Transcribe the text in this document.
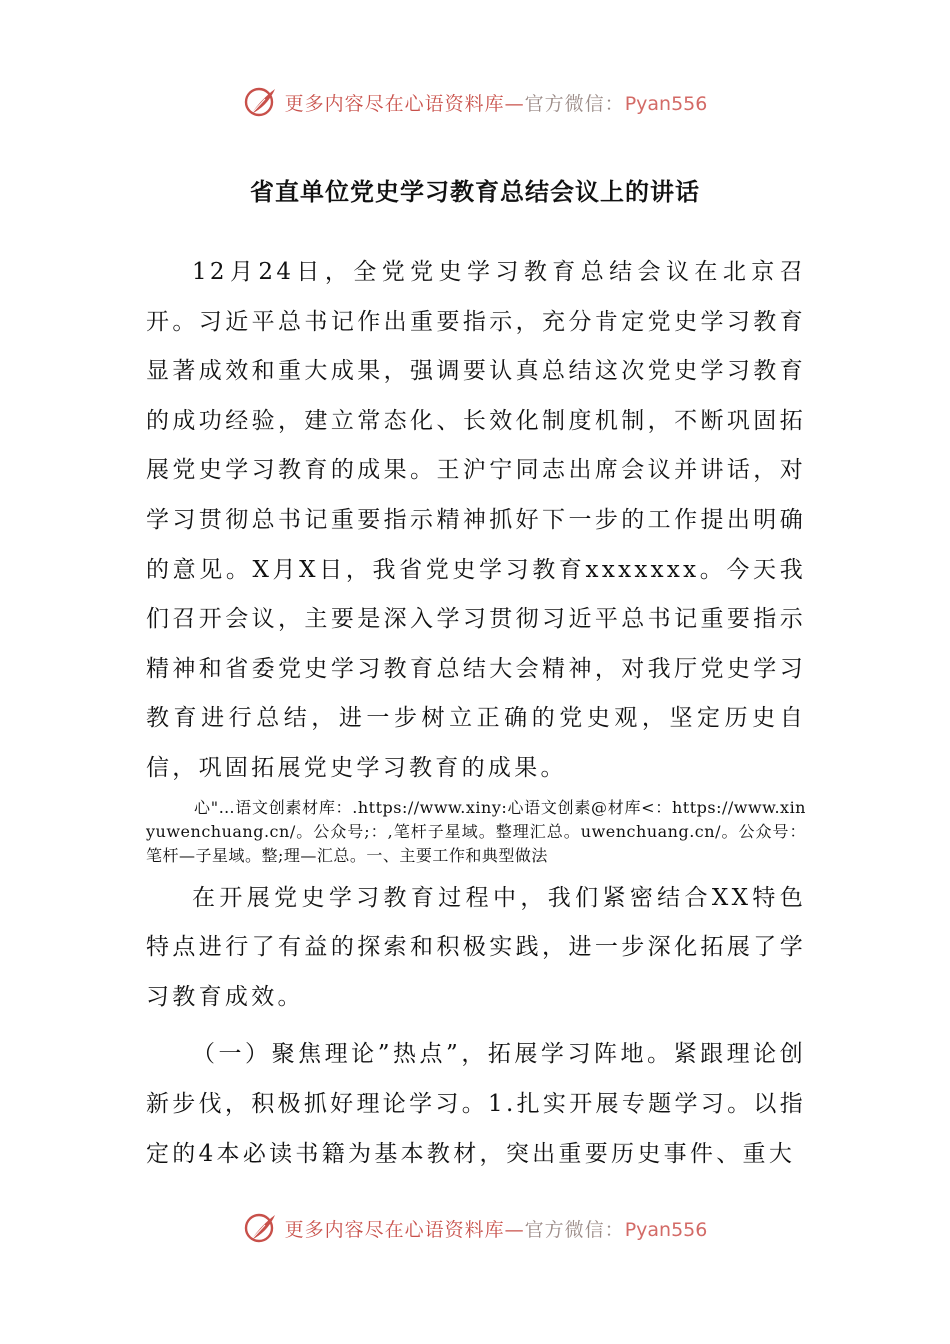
更多内容尽在心语资料库—官方微信：Pyan556
省直单位党史学习教育总结会议上的讲话

12月24日，全党党史学习教育总结会议在北京召开。习近平总书记作出重要指示，充分肯定党史学习教育显著成效和重大成果，强调要认真总结这次党史学习教育的成功经验，建立常态化、长效化制度机制，不断巩固拓展党史学习教育的成果。王沪宁同志出席会议并讲话，对学习贯彻总书记重要指示精神抓好下一步的工作提出明确的意见。X月X日，我省党史学习教育xxxxxxx。今天我们召开会议，主要是深入学习贯彻习近平总书记重要指示精神和省委党史学习教育总结大会精神，对我厅党史学习教育进行总结，进一步树立正确的党史观，坚定历史自信，巩固拓展党史学习教育的成果。

心"…语文创素材库：.https://www.xiny:心语文创素@材库<：https://www.xinyuwenchuang.cn/。公众号;：,笔杆子星域。整理汇总。uwenchuang.cn/。公众号：笔杆—子星域。整;理—汇总。一、主要工作和典型做法

在开展党史学习教育过程中，我们紧密结合XX特色特点进行了有益的探索和积极实践，进一步深化拓展了学习教育成效。

（一）聚焦理论”热点”，拓展学习阵地。紧跟理论创新步伐，积极抓好理论学习。1.扎实开展专题学习。以指定的4本必读书籍为基本教材，突出重要历史事件、重大

更多内容尽在心语资料库—官方微信：Pyan556
